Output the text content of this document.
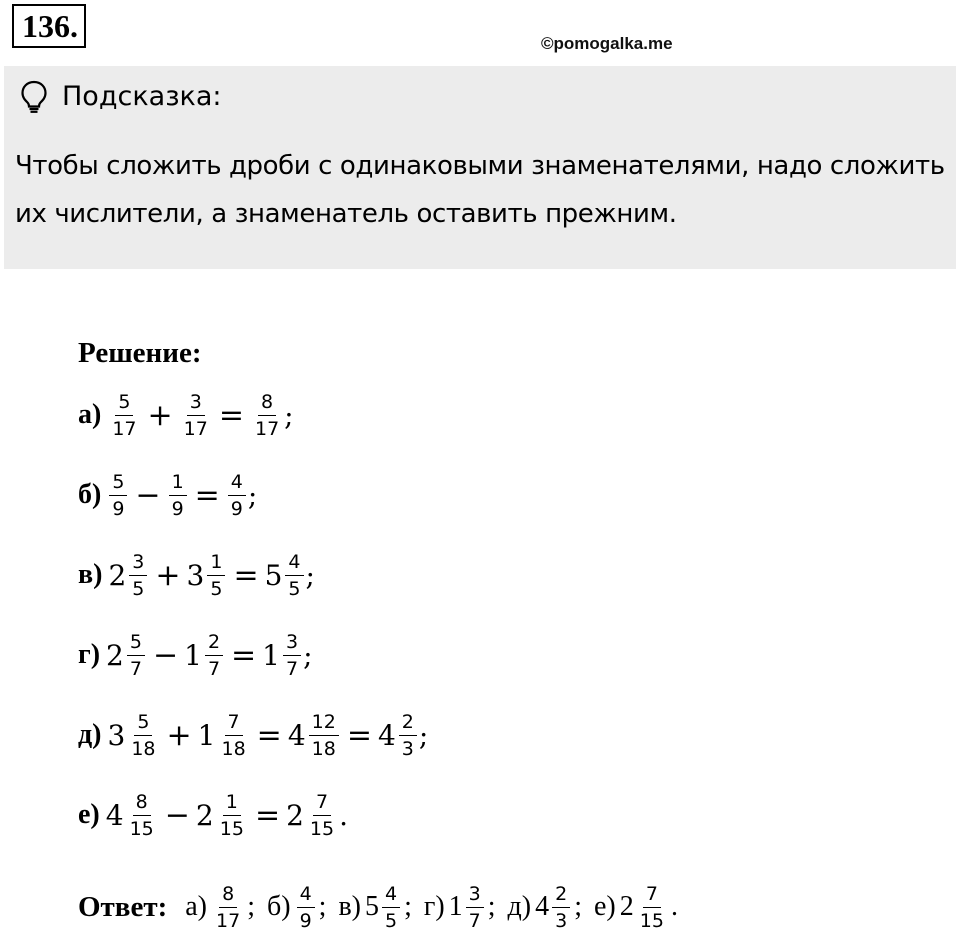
136.	©pomogalka.me
Подсказка:
Чтобы сложить дроби с одинаковыми знаменателями, надо сложить их числители, а знаменатель оставить прежним.
Решение:
$а) \frac{5}{17} + \frac{3}{17} = \frac{8}{17}$ ;
$б) \frac{5}{9} - \frac{1}{9} = \frac{4}{9}$ ;
в) $2 \frac{3}{5} + 3 \frac{1}{5} = 5 \frac{4}{5}$ ;
г) $2 \frac{5}{7} - 1 \frac{2}{7} = 1 \frac{3}{7}$ ;
д) $3 \frac{5}{18} + 1 \frac{7}{18} = 4 \frac{12}{18} = 4 \frac{2}{3}$ ;
е) $4 \frac{8}{15} - 2 \frac{1}{15} = 2 \frac{7}{15}$ .
Ответ: $а) \frac{8}{17}$ ; $б) \frac{4}{9}$ ; в) $5 \frac{4}{5}$ ; г) $1 \frac{3}{7}$ ; д) $4 \frac{2}{3}$ ; е) $2 \frac{7}{15}$ .
